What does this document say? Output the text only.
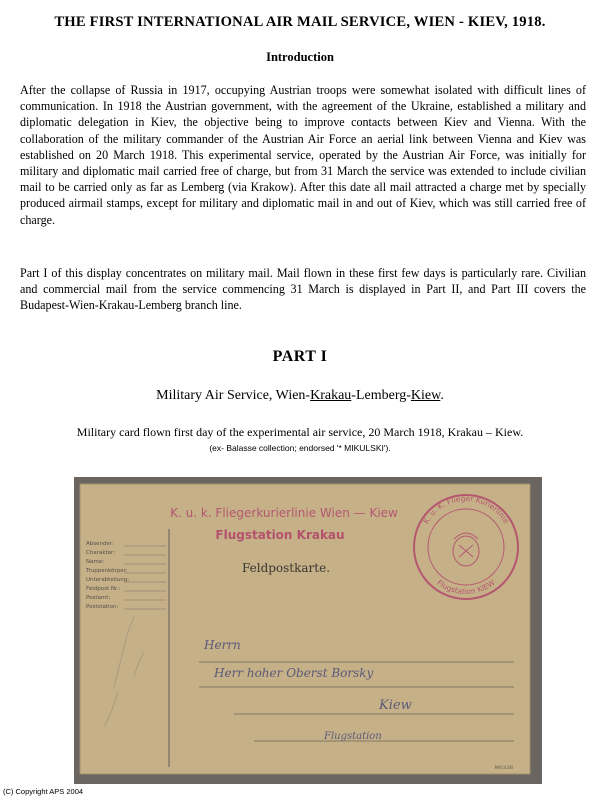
THE FIRST INTERNATIONAL AIR MAIL SERVICE, WIEN - KIEV, 1918.
Introduction

After the collapse of Russia in 1917, occupying Austrian troops were somewhat isolated with difficult lines of communication. In 1918 the Austrian government, with the agreement of the Ukraine, established a military and diplomatic delegation in Kiev, the objective being to improve contacts between Kiev and Vienna. With the collaboration of the military commander of the Austrian Air Force an aerial link between Vienna and Kiev was established on 20 March 1918. This experimental service, operated by the Austrian Air Force, was initially for military and diplomatic mail carried free of charge, but from 31 March the service was extended to include civilian mail to be carried only as far as Lemberg (via Krakow). After this date all mail attracted a charge met by specially produced airmail stamps, except for military and diplomatic mail in and out of Kiev, which was still carried free of charge.

Part I of this display concentrates on military mail. Mail flown in these first few days is particularly rare. Civilian and commercial mail from the service commencing 31 March is displayed in Part II, and Part III covers the Budapest-Wien-Krakau-Lemberg branch line.

PART I

Military Air Service, Wien-Krakau-Lemberg-Kiew.

Military card flown first day of the experimental air service, 20 March 1918, Krakau – Kiew.

(ex- Balasse collection; endorsed '* MIKULSKI').

Absender:
Charakter:
Name:
Truppenkörper:
Unterabteilung:
Feldpost Nr.:
Postamt:
Poststation:
K. u. k. Fliegerkurierlinie Wien — Kiew
Flugstation Krakau
Feldpostkarte.
K. u. K. Flieger Kurierlinie
Flugstation KIEW
Herrn
Herr hoher Oberst Borsky
Kiew
Flugstation
MIKULSKI

(C) Copyright APS 2004
